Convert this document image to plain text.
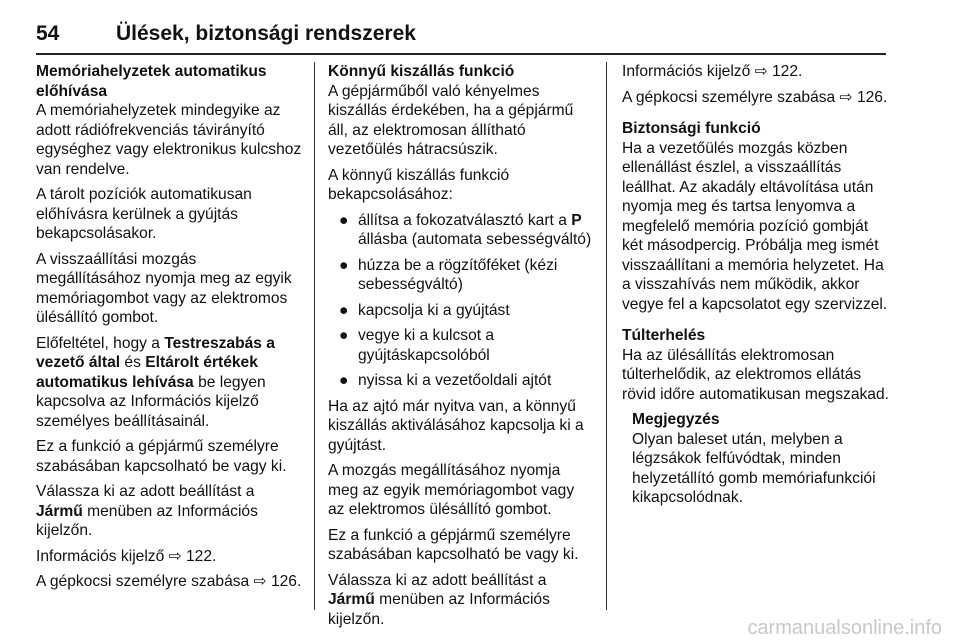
54	Ülések, biztonsági rendszerek

Memóriahelyzetek automatikus előhívása

A memóriahelyzetek mindegyike az adott rádiófrekvenciás távirányító egységhez vagy elektronikus kulcshoz van rendelve.

A tárolt pozíciók automatikusan előhívásra kerülnek a gyújtás bekapcsolásakor.

A visszaállítási mozgás megállításához nyomja meg az egyik memóriagombot vagy az elektromos ülésállító gombot.

Előfeltétel, hogy a Testreszabás a vezető által és Eltárolt értékek automatikus lehívása be legyen kapcsolva az Információs kijelző személyes beállításainál.

Ez a funkció a gépjármű személyre szabásában kapcsolható be vagy ki.

Válassza ki az adott beállítást a Jármű menüben az Információs kijelzőn.

Információs kijelző ⇨ 122.

A gépkocsi személyre szabása ⇨ 126.

Könnyű kiszállás funkció

A gépjárműből való kényelmes kiszállás érdekében, ha a gépjármű áll, az elektromosan állítható vezetőülés hátracsúszik.

A könnyű kiszállás funkció bekapcsolásához:

● állítsa a fokozatválasztó kart a P állásba (automata sebességváltó)
● húzza be a rögzítőféket (kézi sebességváltó)
● kapcsolja ki a gyújtást
● vegye ki a kulcsot a gyújtáskapcsolóból
● nyissa ki a vezetőoldali ajtót

Ha az ajtó már nyitva van, a könnyű kiszállás aktiválásához kapcsolja ki a gyújtást.

A mozgás megállításához nyomja meg az egyik memóriagombot vagy az elektromos ülésállító gombot.

Ez a funkció a gépjármű személyre szabásában kapcsolható be vagy ki.

Válassza ki az adott beállítást a Jármű menüben az Információs kijelzőn.

Információs kijelző ⇨ 122.

A gépkocsi személyre szabása ⇨ 126.

Biztonsági funkció

Ha a vezetőülés mozgás közben ellenállást észlel, a visszaállítás leállhat. Az akadály eltávolítása után nyomja meg és tartsa lenyomva a megfelelő memória pozíció gombját két másodpercig. Próbálja meg ismét visszaállítani a memória helyzetet. Ha a visszahívás nem működik, akkor vegye fel a kapcsolatot egy szervizzel.

Túlterhelés

Ha az ülésállítás elektromosan túlterhelődik, az elektromos ellátás rövid időre automatikusan megszakad.

Megjegyzés

Olyan baleset után, melyben a légzsákok felfúvódtak, minden helyzetállító gomb memóriafunkciói kikapcsolódnak.

carmanualsonline.info
